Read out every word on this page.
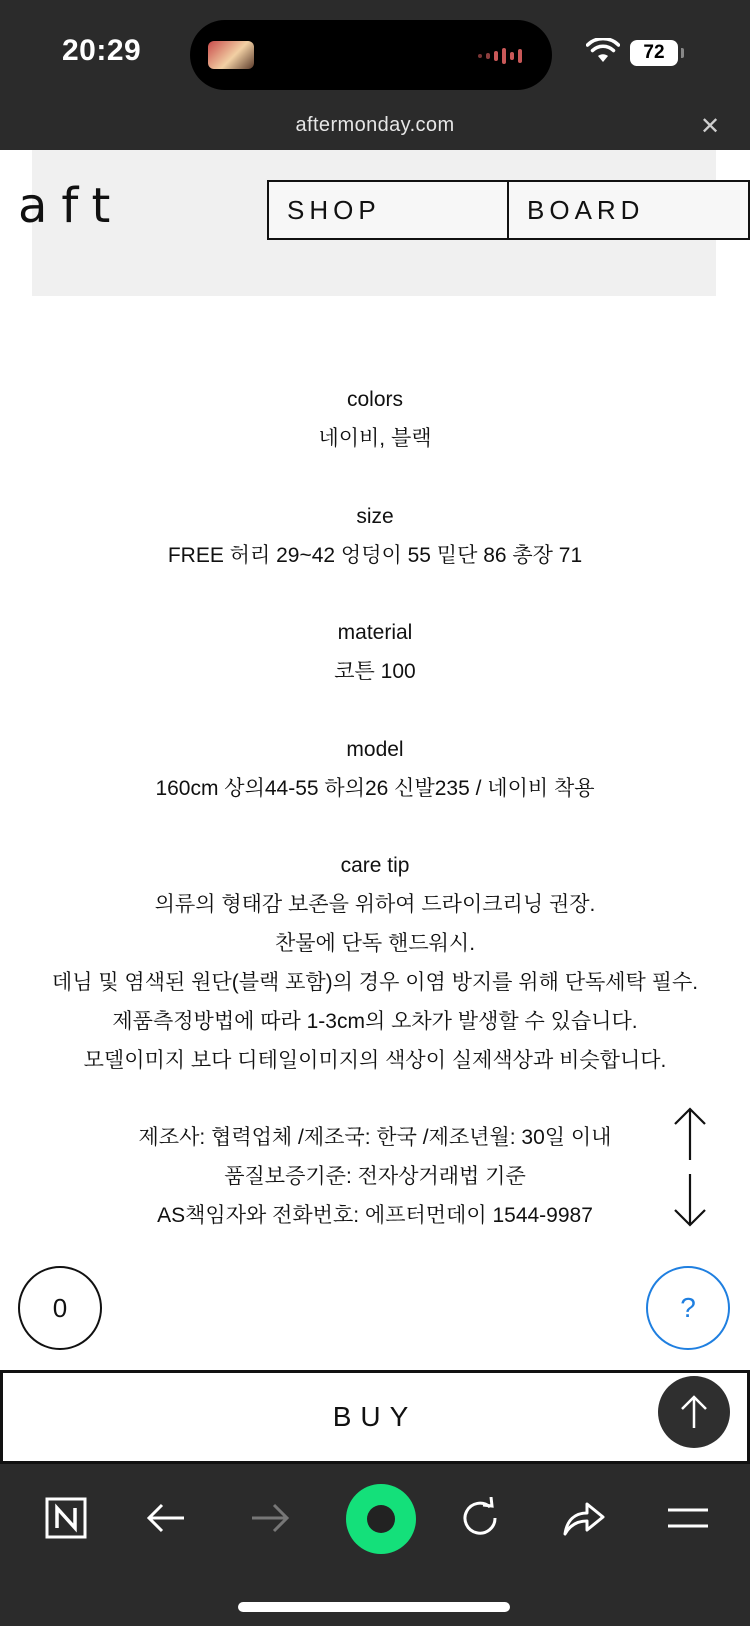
20:29	72
aftermonday.com	✕
aft	SHOP	BOARD

colors

네이비, 블랙

size

FREE 허리 29~42 엉덩이 55 밑단 86 총장 71

material

코튼 100

model

160cm 상의44-55 하의26 신발235 / 네이비 착용

care tip

의류의 형태감 보존을 위하여 드라이크리닝 권장.

찬물에 단독 핸드워시.

데님 및 염색된 원단(블랙 포함)의 경우 이염 방지를 위해 단독세탁 필수.

제품측정방법에 따라 1-3cm의 오차가 발생할 수 있습니다.

모델이미지 보다 디테일이미지의 색상이 실제색상과 비슷합니다.

제조사: 협력업체 /제조국: 한국 /제조년월: 30일 이내

품질보증기준: 전자상거래법 기준

AS책임자와 전화번호: 에프터먼데이 1544-9987

0	?
BUY
